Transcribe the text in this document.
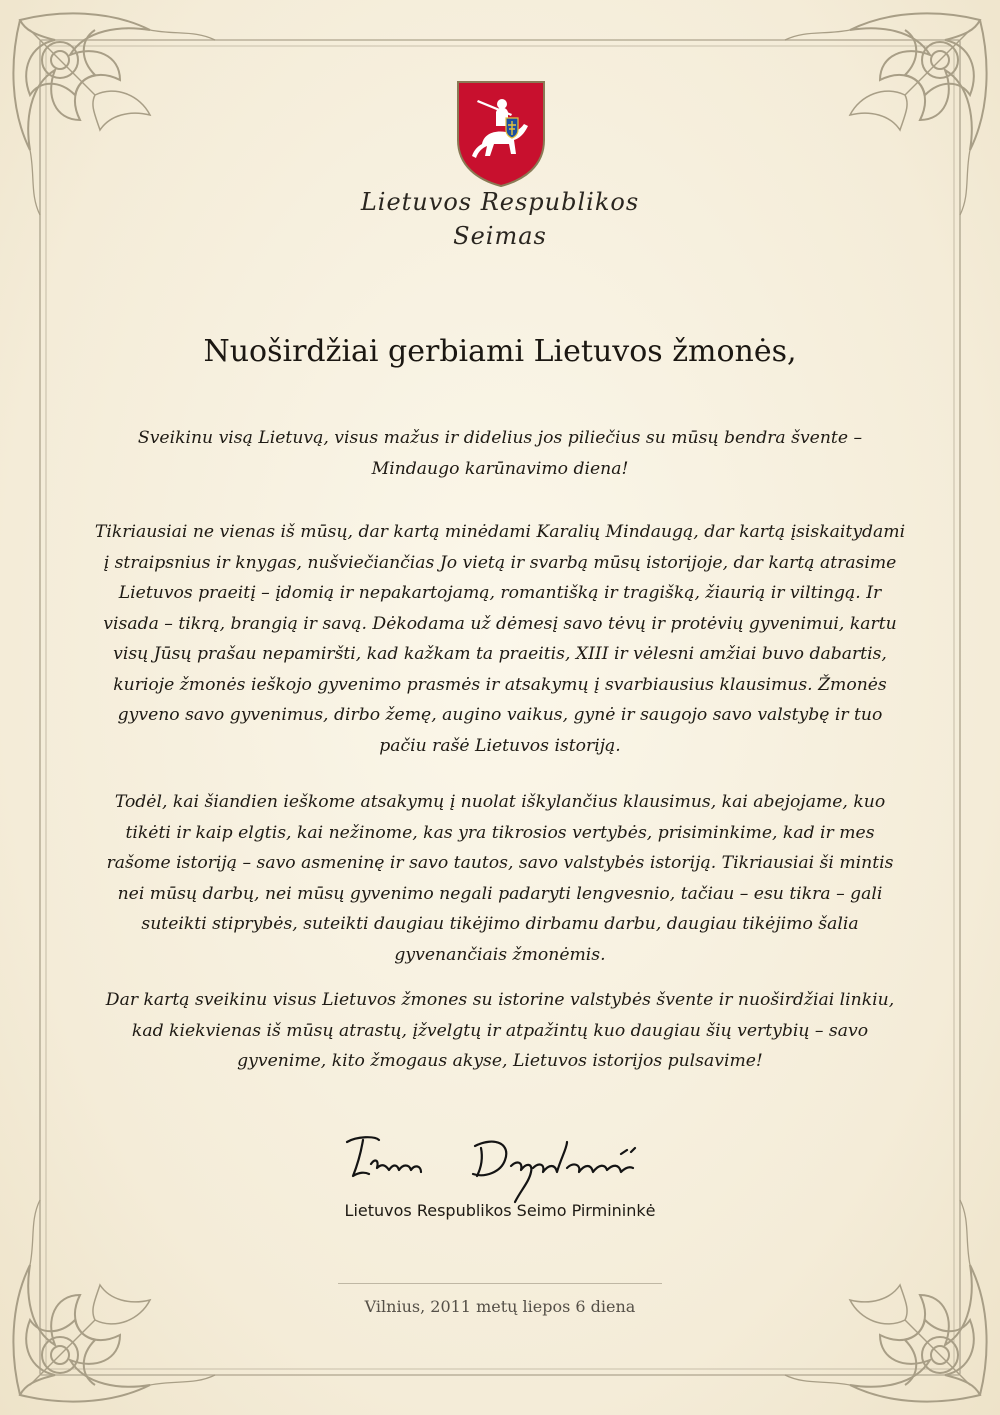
Lietuvos Respublikos
Seimas
Nuoširdžiai gerbiami Lietuvos žmonės,
Sveikinu visą Lietuvą, visus mažus ir didelius jos piliečius su mūsų bendra švente – Mindaugo karūnavimo diena!
Tikriausiai ne vienas iš mūsų, dar kartą minėdami Karalių Mindaugą, dar kartą įsiskaitydami į straipsnius ir knygas, nušviečiančias Jo vietą ir svarbą mūsų istorijoje, dar kartą atrasime Lietuvos praeitį – įdomią ir nepakartojamą, romantišką ir tragišką, žiaurią ir viltingą. Ir visada – tikrą, brangią ir savą. Dėkodama už dėmesį savo tėvų ir protėvių gyvenimui, kartu visų Jūsų prašau nepamiršti, kad kažkam ta praeitis, XIII ir vėlesni amžiai buvo dabartis, kurioje žmonės ieškojo gyvenimo prasmės ir atsakymų į svarbiausius klausimus. Žmonės gyveno savo gyvenimus, dirbo žemę, augino vaikus, gynė ir saugojo savo valstybę ir tuo pačiu rašė Lietuvos istoriją.
Todėl, kai šiandien ieškome atsakymų į nuolat iškylančius klausimus, kai abejojame, kuo tikėti ir kaip elgtis, kai nežinome, kas yra tikrosios vertybės, prisiminkime, kad ir mes rašome istoriją – savo asmeninę ir savo tautos, savo valstybės istoriją. Tikriausiai ši mintis nei mūsų darbų, nei mūsų gyvenimo negali padaryti lengvesnio, tačiau – esu tikra – gali suteikti stiprybės, suteikti daugiau tikėjimo dirbamu darbu, daugiau tikėjimo šalia gyvenančiais žmonėmis.
Dar kartą sveikinu visus Lietuvos žmones su istorine valstybės švente ir nuoširdžiai linkiu, kad kiekvienas iš mūsų atrastų, įžvelgtų ir atpažintų kuo daugiau šių vertybių – savo gyvenime, kito žmogaus akyse, Lietuvos istorijos pulsavime!
Lietuvos Respublikos Seimo Pirmininkė
Vilnius, 2011 metų liepos 6 diena
